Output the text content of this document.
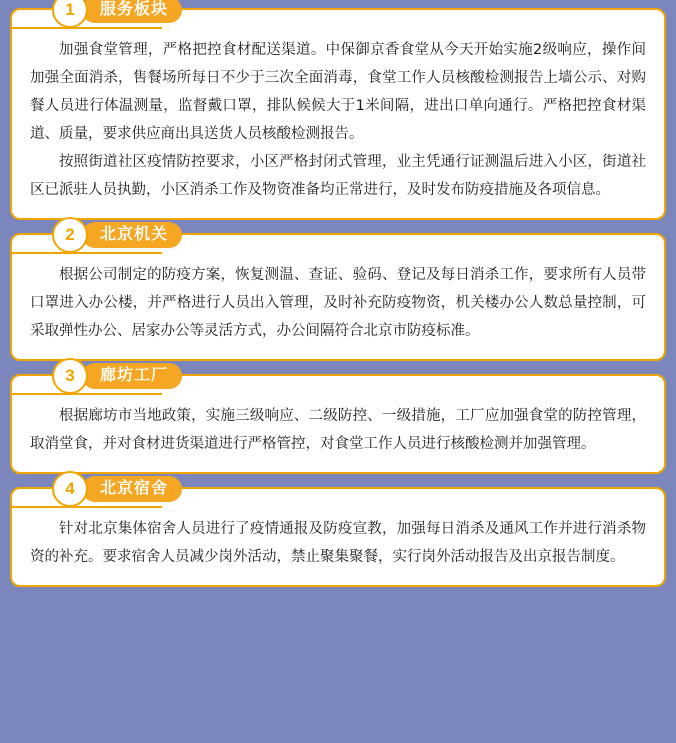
1	服务板块

加强食堂管理，严格把控食材配送渠道。中保御京香食堂从今天开始实施2级响应，操作间加强全面消杀，售餐场所每日不少于三次全面消毒，食堂工作人员核酸检测报告上墙公示、对购餐人员进行体温测量，监督戴口罩，排队候候大于1米间隔，进出口单向通行。严格把控食材渠道、质量，要求供应商出具送货人员核酸检测报告。

按照街道社区疫情防控要求，小区严格封闭式管理，业主凭通行证测温后进入小区，街道社区已派驻人员执勤，小区消杀工作及物资准备均正常进行，及时发布防疫措施及各项信息。

2	北京机关

根据公司制定的防疫方案，恢复测温、查证、验码、登记及每日消杀工作，要求所有人员带口罩进入办公楼，并严格进行人员出入管理，及时补充防疫物资，机关楼办公人数总量控制，可采取弹性办公、居家办公等灵活方式，办公间隔符合北京市防疫标准。

3	廊坊工厂

根据廊坊市当地政策，实施三级响应、二级防控、一级措施，工厂应加强食堂的防控管理，取消堂食，并对食材进货渠道进行严格管控，对食堂工作人员进行核酸检测并加强管理。

4	北京宿舍

针对北京集体宿舍人员进行了疫情通报及防疫宣教，加强每日消杀及通风工作并进行消杀物资的补充。要求宿舍人员减少岗外活动，禁止聚集聚餐，实行岗外活动报告及出京报告制度。
